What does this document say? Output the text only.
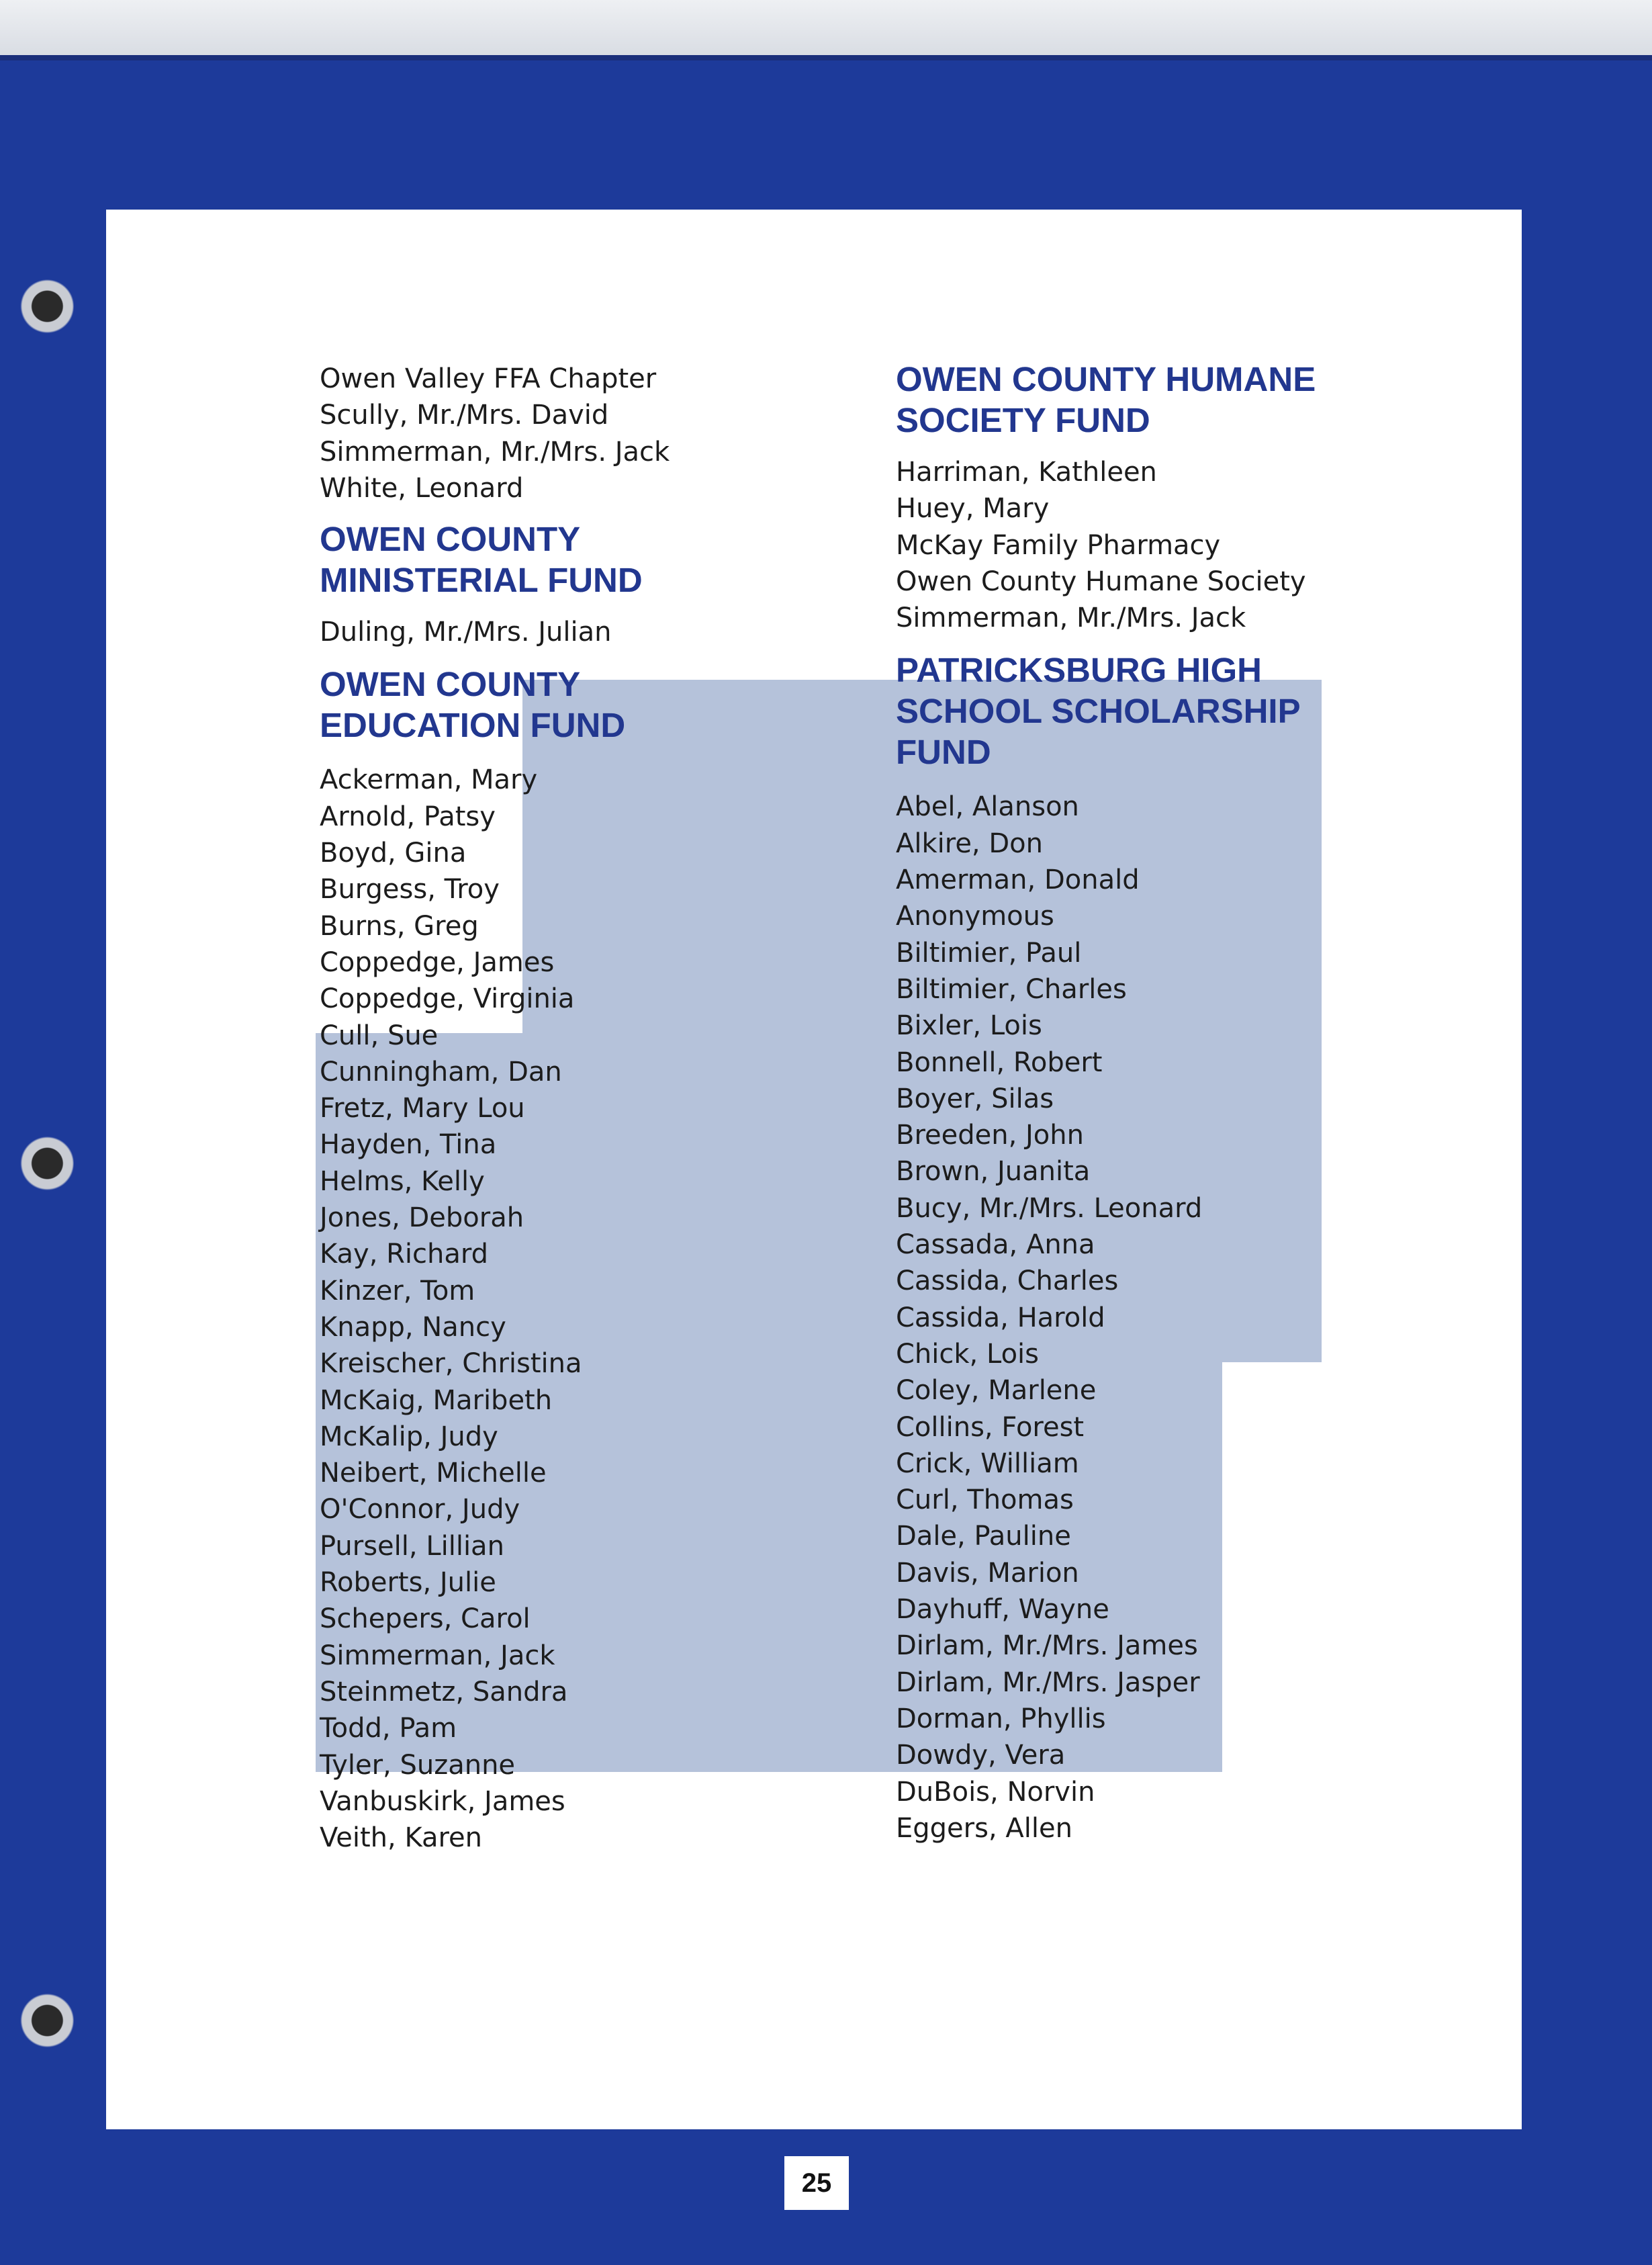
Owen Valley FFA Chapter
Scully, Mr./Mrs. David
Simmerman, Mr./Mrs. Jack
White, Leonard
OWEN COUNTY
MINISTERIAL FUND
Duling, Mr./Mrs. Julian
OWEN COUNTY
EDUCATION FUND
Ackerman, Mary
Arnold, Patsy
Boyd, Gina
Burgess, Troy
Burns, Greg
Coppedge, James
Coppedge, Virginia
Cull, Sue
Cunningham, Dan
Fretz, Mary Lou
Hayden, Tina
Helms, Kelly
Jones, Deborah
Kay, Richard
Kinzer, Tom
Knapp, Nancy
Kreischer, Christina
McKaig, Maribeth
McKalip, Judy
Neibert, Michelle
O'Connor, Judy
Pursell, Lillian
Roberts, Julie
Schepers, Carol
Simmerman, Jack
Steinmetz, Sandra
Todd, Pam
Tyler, Suzanne
Vanbuskirk, James
Veith, Karen
OWEN COUNTY HUMANE
SOCIETY FUND
Harriman, Kathleen
Huey, Mary
McKay Family Pharmacy
Owen County Humane Society
Simmerman, Mr./Mrs. Jack
PATRICKSBURG HIGH
SCHOOL SCHOLARSHIP
FUND
Abel, Alanson
Alkire, Don
Amerman, Donald
Anonymous
Biltimier, Paul
Biltimier, Charles
Bixler, Lois
Bonnell, Robert
Boyer, Silas
Breeden, John
Brown, Juanita
Bucy, Mr./Mrs. Leonard
Cassada, Anna
Cassida, Charles
Cassida, Harold
Chick, Lois
Coley, Marlene
Collins, Forest
Crick, William
Curl, Thomas
Dale, Pauline
Davis, Marion
Dayhuff, Wayne
Dirlam, Mr./Mrs. James
Dirlam, Mr./Mrs. Jasper
Dorman, Phyllis
Dowdy, Vera
DuBois, Norvin
Eggers, Allen
25
